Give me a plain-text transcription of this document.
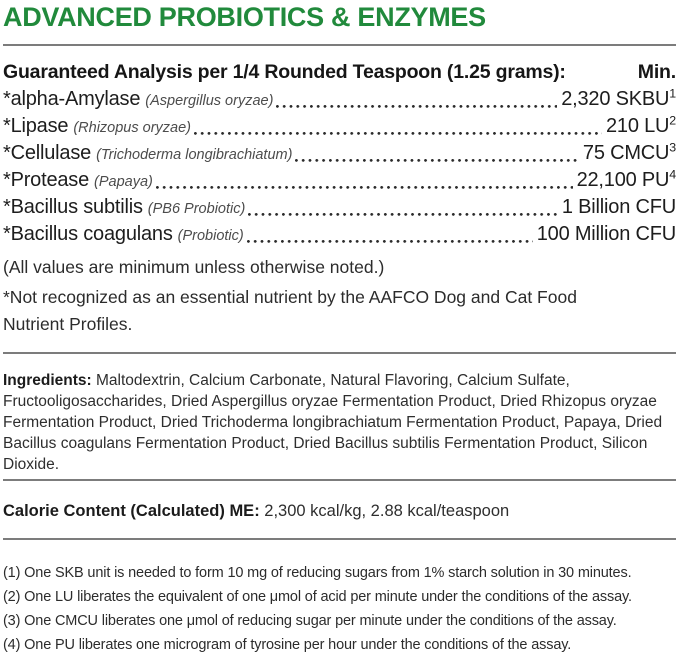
ADVANCED PROBIOTICS & ENZYMES
Guaranteed Analysis per 1/4 Rounded Teaspoon (1.25 grams):	Min.
*alpha-Amylase (Aspergillus oryzae)	2,320 SKBU$^1$
*Lipase (Rhizopus oryzae)	210 $LU^2$
*Cellulase (Trichoderma longibrachiatum)	75 CMCU$^3$
*Protease (Papaya)	22,100 $PU^4$
*Bacillus subtilis (PB6 Probiotic)	1 Billion CFU
*Bacillus coagulans (Probiotic)	100 Million CFU
(All values are minimum unless otherwise noted.)
*Not recognized as an essential nutrient by the AAFCO Dog and Cat Food Nutrient Profiles.
Ingredients: Maltodextrin, Calcium Carbonate, Natural Flavoring, Calcium Sulfate, Fructooligosaccharides, Dried Aspergillus oryzae Fermentation Product, Dried Rhizopus oryzae Fermentation Product, Dried Trichoderma longibrachiatum Fermentation Product, Papaya, Dried Bacillus coagulans Fermentation Product, Dried Bacillus subtilis Fermentation Product, Silicon Dioxide.
Calorie Content (Calculated) ME: 2,300 kcal/kg, 2.88 kcal/teaspoon
(1) One SKB unit is needed to form 10 mg of reducing sugars from 1% starch solution in 30 minutes.
(2) One LU liberates the equivalent of one μmol of acid per minute under the conditions of the assay.
(3) One CMCU liberates one μmol of reducing sugar per minute under the conditions of the assay.
(4) One PU liberates one microgram of tyrosine per hour under the conditions of the assay.
